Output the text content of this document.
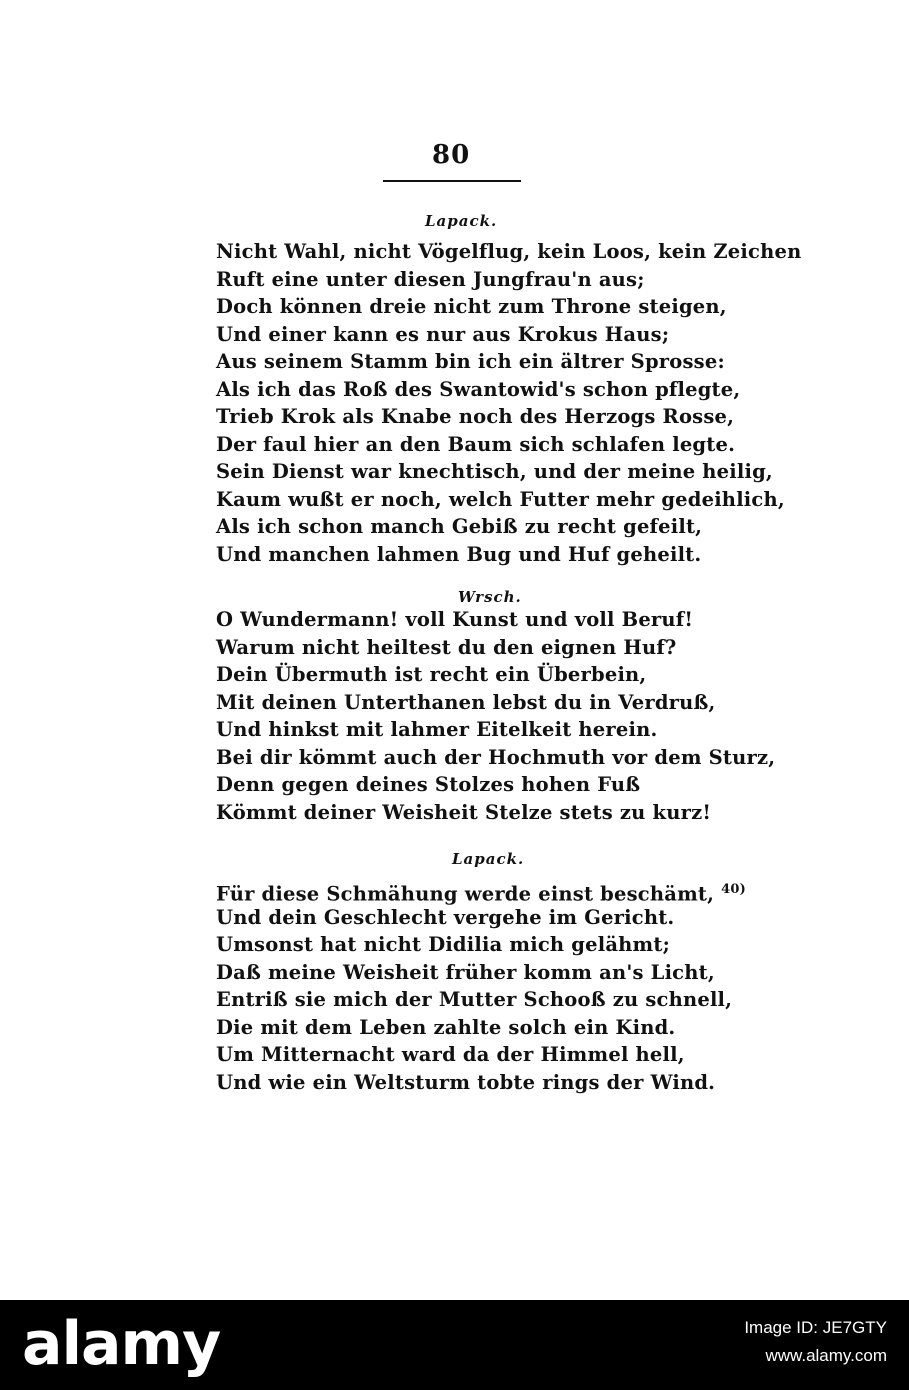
80
Lapack.
Nicht Wahl, nicht Vögelflug, kein Loos, kein Zeichen
Ruft eine unter diesen Jungfrau'n aus;
Doch können dreie nicht zum Throne steigen,
Und einer kann es nur aus Krokus Haus;
Aus seinem Stamm bin ich ein ältrer Sprosse:
Als ich das Roß des Swantowid's schon pflegte,
Trieb Krok als Knabe noch des Herzogs Rosse,
Der faul hier an den Baum sich schlafen legte.
Sein Dienst war knechtisch, und der meine heilig,
Kaum wußt er noch, welch Futter mehr gedeihlich,
Als ich schon manch Gebiß zu recht gefeilt,
Und manchen lahmen Bug und Huf geheilt.
Wrsch.
O Wundermann! voll Kunst und voll Beruf!
Warum nicht heiltest du den eignen Huf?
Dein Übermuth ist recht ein Überbein,
Mit deinen Unterthanen lebst du in Verdruß,
Und hinkst mit lahmer Eitelkeit herein.
Bei dir kömmt auch der Hochmuth vor dem Sturz,
Denn gegen deines Stolzes hohen Fuß
Kömmt deiner Weisheit Stelze stets zu kurz!
Lapack.
Für diese Schmähung werde einst beschämt, $^{40)}$
Und dein Geschlecht vergehe im Gericht.
Umsonst hat nicht Didilia mich gelähmt;
Daß meine Weisheit früher komm an's Licht,
Entriß sie mich der Mutter Schooß zu schnell,
Die mit dem Leben zahlte solch ein Kind.
Um Mitternacht ward da der Himmel hell,
Und wie ein Weltsturm tobte rings der Wind.
alamy	Image ID: JE7GTY
www.alamy.com
